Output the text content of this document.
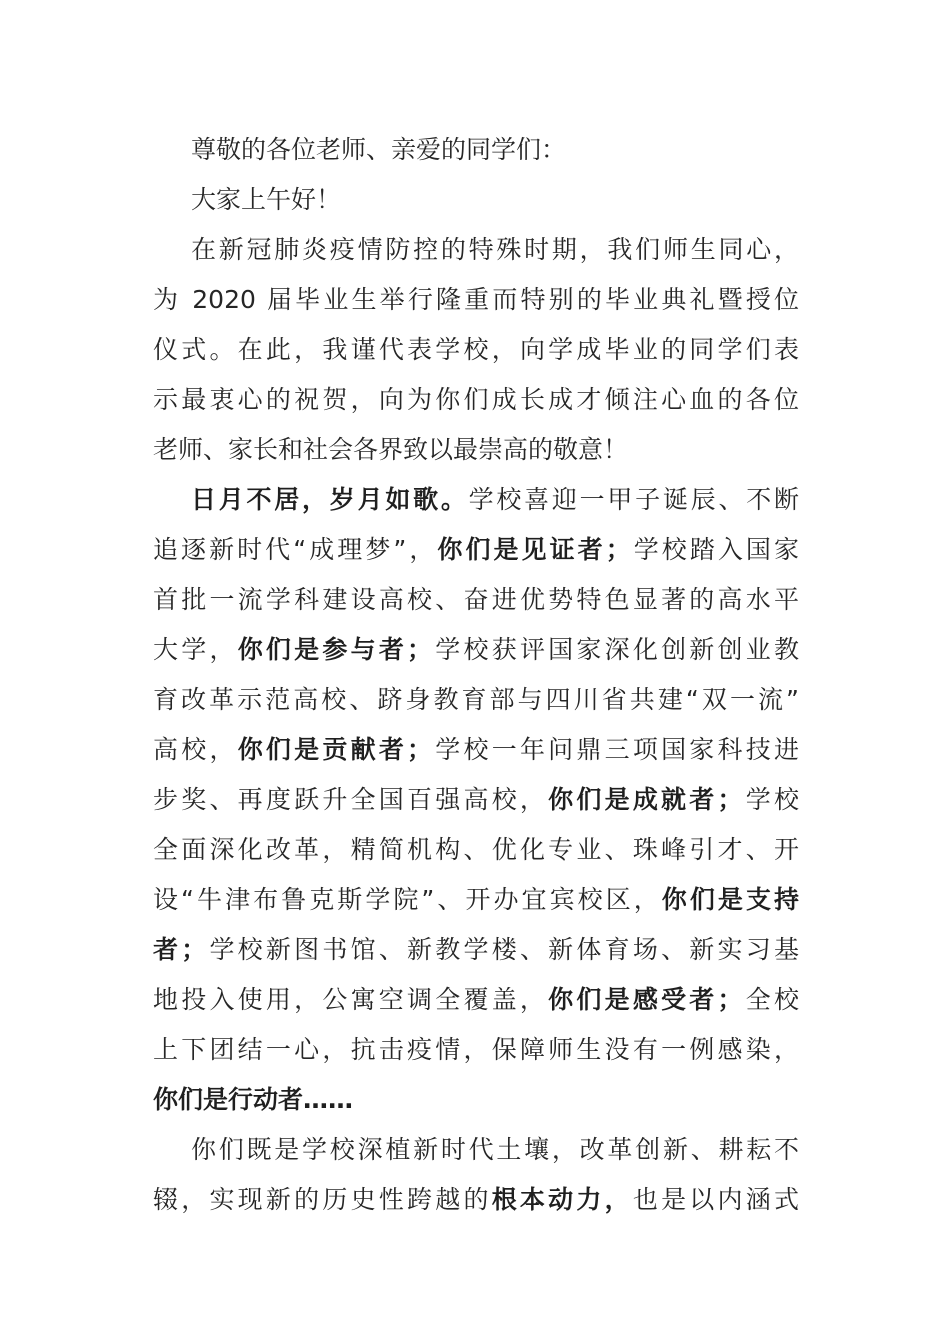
尊敬的各位老师、亲爱的同学们：

大家上午好！

在新冠肺炎疫情防控的特殊时期，我们师生同心，
为 2020 届毕业生举行隆重而特别的毕业典礼暨授位
仪式。在此，我谨代表学校，向学成毕业的同学们表
示最衷心的祝贺，向为你们成长成才倾注心血的各位
老师、家长和社会各界致以最崇高的敬意！

日月不居，岁月如歌。学校喜迎一甲子诞辰、不断
追逐新时代“成理梦”，你们是见证者；学校踏入国家
首批一流学科建设高校、奋进优势特色显著的高水平
大学，你们是参与者；学校获评国家深化创新创业教
育改革示范高校、跻身教育部与四川省共建“双一流”
高校，你们是贡献者；学校一年问鼎三项国家科技进
步奖、再度跃升全国百强高校，你们是成就者；学校
全面深化改革，精简机构、优化专业、珠峰引才、开
设“牛津布鲁克斯学院”、开办宜宾校区，你们是支持
者；学校新图书馆、新教学楼、新体育场、新实习基
地投入使用，公寓空调全覆盖，你们是感受者；全校
上下团结一心，抗击疫情，保障师生没有一例感染，
你们是行动者……

你们既是学校深植新时代土壤，改革创新、耕耘不
辍，实现新的历史性跨越的根本动力，也是以内涵式
